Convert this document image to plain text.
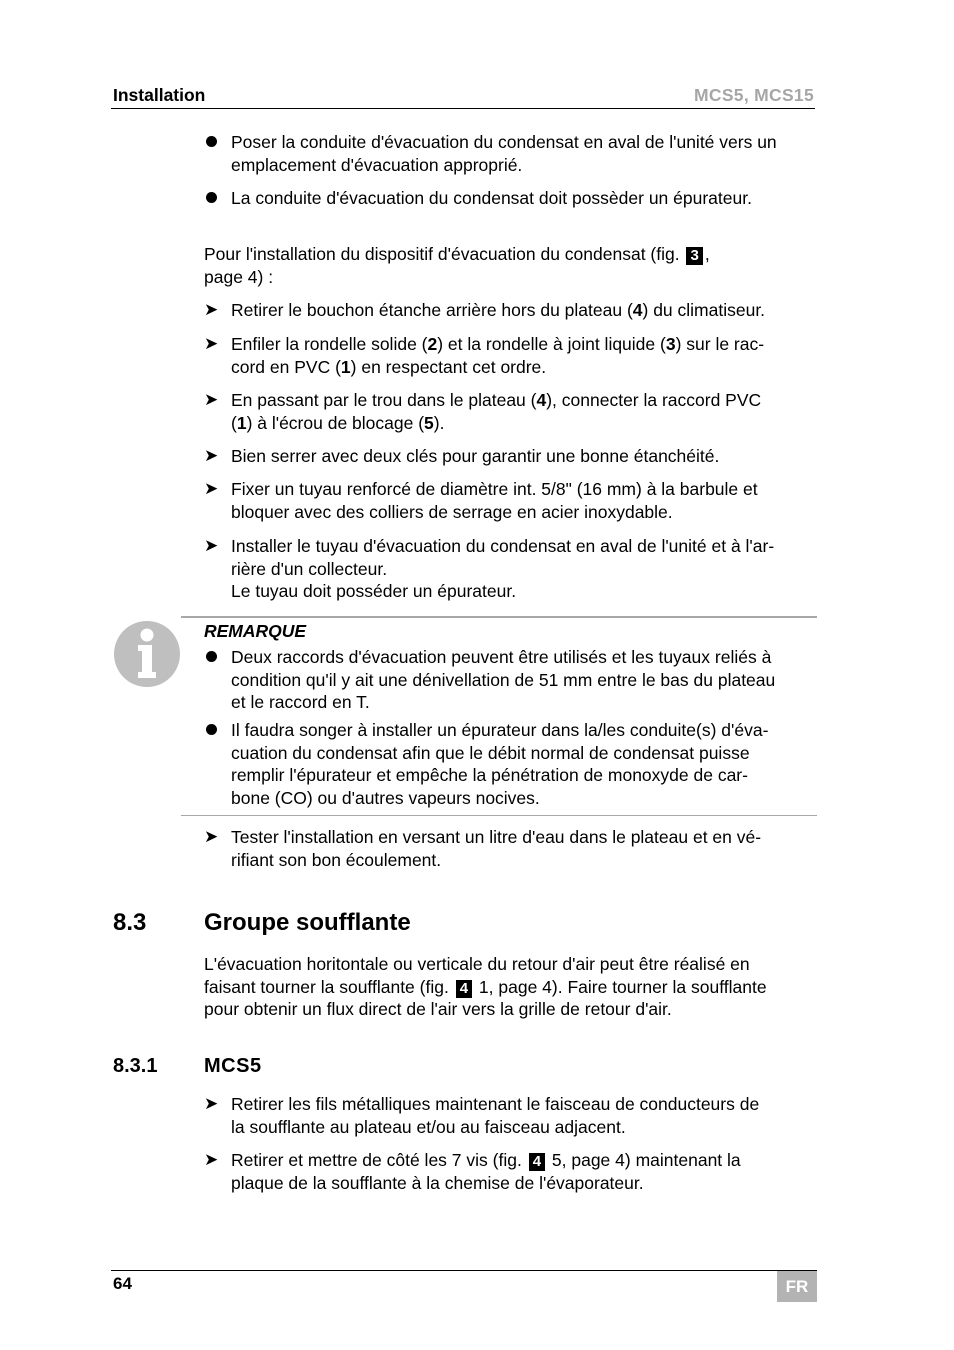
Installation	MCS5, MCS15
Poser la conduite d'évacuation du condensat en aval de l'unité vers un emplacement d'évacuation approprié.
La conduite d'évacuation du condensat doit possèder un épurateur.
Pour l'installation du dispositif d'évacuation du condensat (fig. 3 ,
page 4) :
➤ Retirer le bouchon étanche arrière hors du plateau (4) du climatiseur.
➤ Enfiler la rondelle solide (2) et la rondelle à joint liquide (3) sur le rac-
cord en PVC (1) en respectant cet ordre.
➤ En passant par le trou dans le plateau (4), connecter la raccord PVC
(1) à l'écrou de blocage (5).
➤ Bien serrer avec deux clés pour garantir une bonne étanchéité.
➤ Fixer un tuyau renforcé de diamètre int. 5/8" (16 mm) à la barbule et
bloquer avec des colliers de serrage en acier inoxydable.
➤ Installer le tuyau d'évacuation du condensat en aval de l'unité et à l'ar-
rière d'un collecteur.
Le tuyau doit posséder un épurateur.
REMARQUE
Deux raccords d'évacuation peuvent être utilisés et les tuyaux reliés à
condition qu'il y ait une dénivellation de 51 mm entre le bas du plateau
et le raccord en T.
Il faudra songer à installer un épurateur dans la/les conduite(s) d'éva-
cuation du condensat afin que le débit normal de condensat puisse
remplir l'épurateur et empêche la pénétration de monoxyde de car-
bone (CO) ou d'autres vapeurs nocives.
➤ Tester l'installation en versant un litre d'eau dans le plateau et en vé-
rifiant son bon écoulement.
8.3 Groupe soufflante
L'évacuation horitontale ou verticale du retour d'air peut être réalisé en
faisant tourner la soufflante (fig. 4 1, page 4). Faire tourner la soufflante
pour obtenir un flux direct de l'air vers la grille de retour d'air.
8.3.1 MCS5
➤ Retirer les fils métalliques maintenant le faisceau de conducteurs de
la soufflante au plateau et/ou au faisceau adjacent.
➤ Retirer et mettre de côté les 7 vis (fig. 4 5, page 4) maintenant la
plaque de la soufflante à la chemise de l'évaporateur.
64	FR
